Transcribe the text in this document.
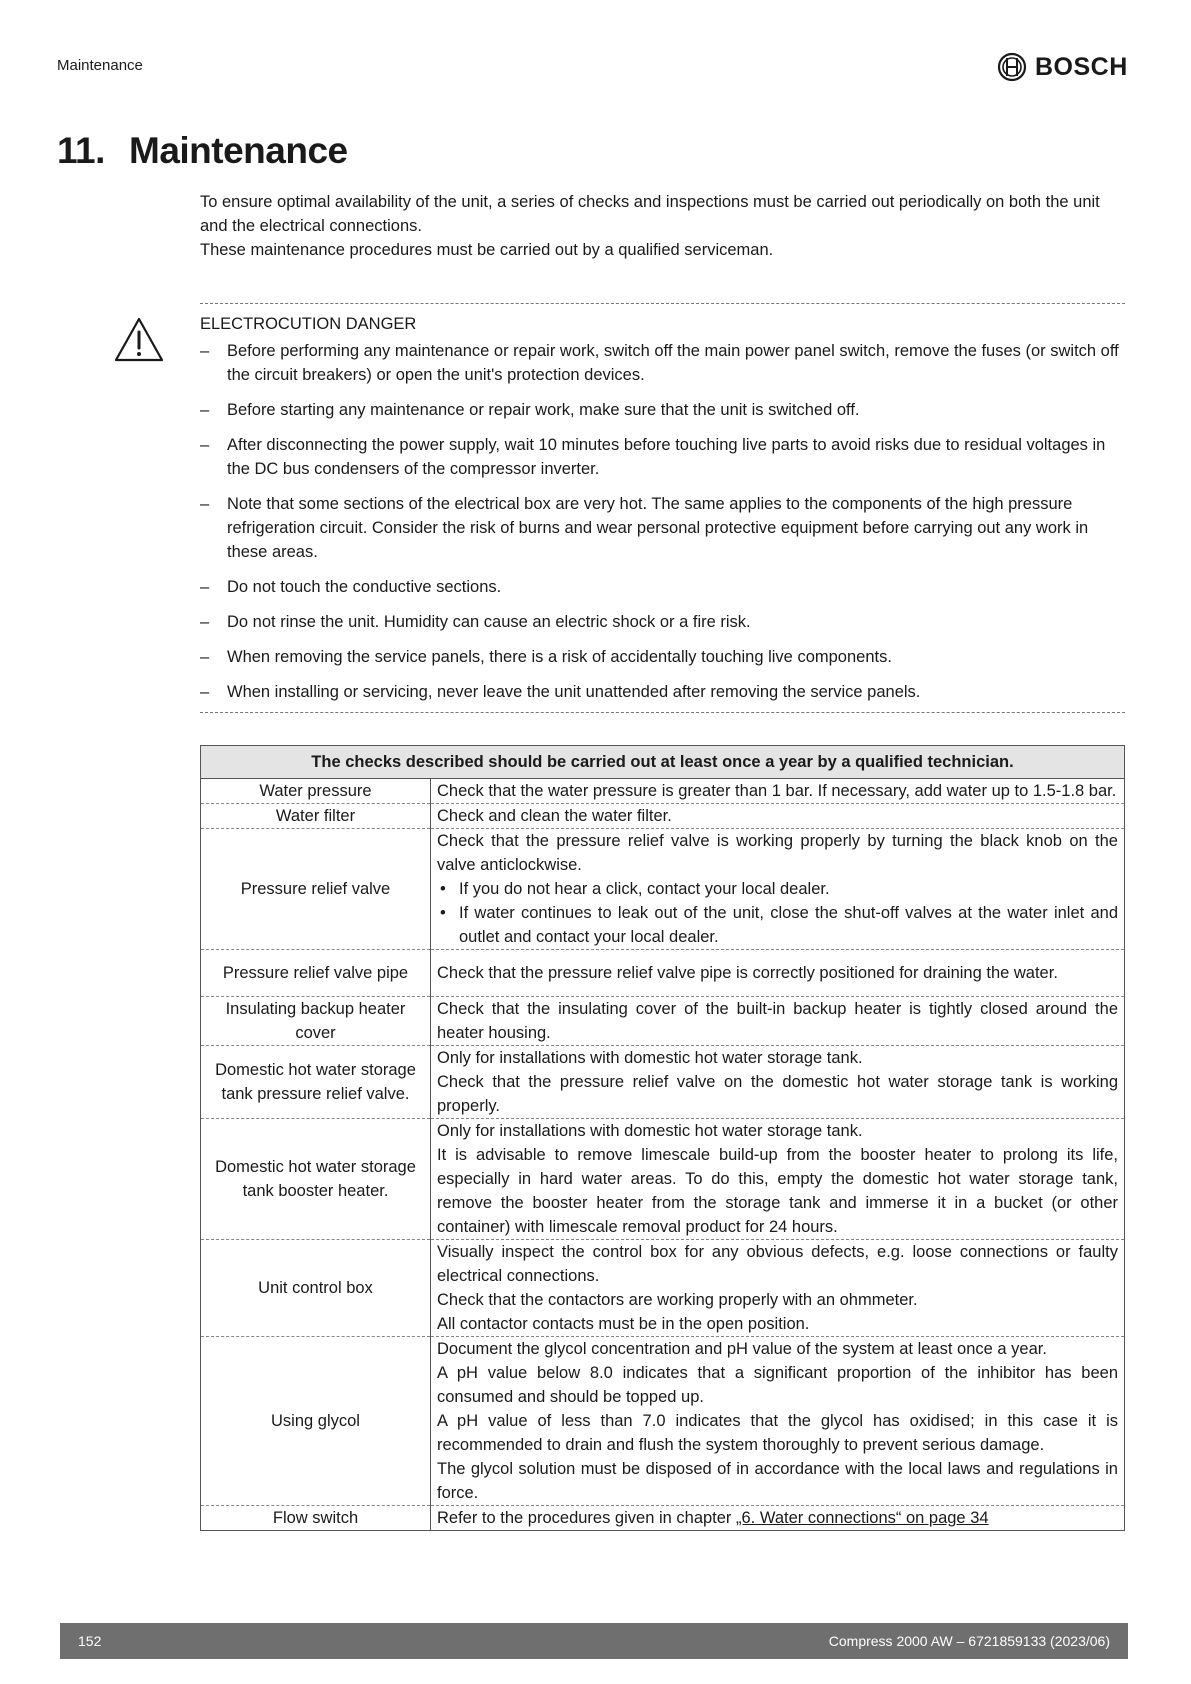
Maintenance	BOSCH
11. Maintenance

To ensure optimal availability of the unit, a series of checks and inspections must be carried out periodically on both the unit and the electrical connections.
These maintenance procedures must be carried out by a qualified serviceman.

ELECTROCUTION DANGER

– Before performing any maintenance or repair work, switch off the main power panel switch, remove the fuses (or switch off the circuit breakers) or open the unit's protection devices.
– Before starting any maintenance or repair work, make sure that the unit is switched off.
– After disconnecting the power supply, wait 10 minutes before touching live parts to avoid risks due to residual voltages in the DC bus condensers of the compressor inverter.
– Note that some sections of the electrical box are very hot. The same applies to the components of the high pressure refrigeration circuit. Consider the risk of burns and wear personal protective equipment before carrying out any work in these areas.
– Do not touch the conductive sections.
– Do not rinse the unit. Humidity can cause an electric shock or a fire risk.
– When removing the service panels, there is a risk of accidentally touching live components.
– When installing or servicing, never leave the unit unattended after removing the service panels.
The checks described should be carried out at least once a year by a qualified technician.	
Water pressure	Check that the water pressure is greater than 1 bar. If necessary, add water up to 1.5-1.8 bar.

Water filter	Check and clean the water filter.

Pressure relief valve	Check that the pressure relief valve is working properly by turning the black knob on the valve anticlockwise.

• If you do not hear a click, contact your local dealer.

• If water continues to leak out of the unit, close the shut-off valves at the water inlet and outlet and contact your local dealer.

Pressure relief valve pipe	Check that the pressure relief valve pipe is correctly positioned for draining the water.

Insulating backup heater cover	Check that the insulating cover of the built-in backup heater is tightly closed around the heater housing.

Domestic hot water storage tank pressure relief valve.	Only for installations with domestic hot water storage tank.

Check that the pressure relief valve on the domestic hot water storage tank is working properly.

Domestic hot water storage tank booster heater.	Only for installations with domestic hot water storage tank.

It is advisable to remove limescale build-up from the booster heater to prolong its life, especially in hard water areas. To do this, empty the domestic hot water storage tank, remove the booster heater from the storage tank and immerse it in a bucket (or other container) with limescale removal product for 24 hours.

Unit control box	Visually inspect the control box for any obvious defects, e.g. loose connections or faulty electrical connections.

Check that the contactors are working properly with an ohmmeter.

All contactor contacts must be in the open position.

Using glycol	Document the glycol concentration and pH value of the system at least once a year.

A pH value below 8.0 indicates that a significant proportion of the inhibitor has been consumed and should be topped up.

A pH value of less than 7.0 indicates that the glycol has oxidised; in this case it is recommended to drain and flush the system thoroughly to prevent serious damage.

The glycol solution must be disposed of in accordance with the local laws and regulations in force.

Flow switch	Refer to the procedures given in chapter „6. Water connections“ on page 34

152	Compress 2000 AW – 6721859133 (2023/06)
